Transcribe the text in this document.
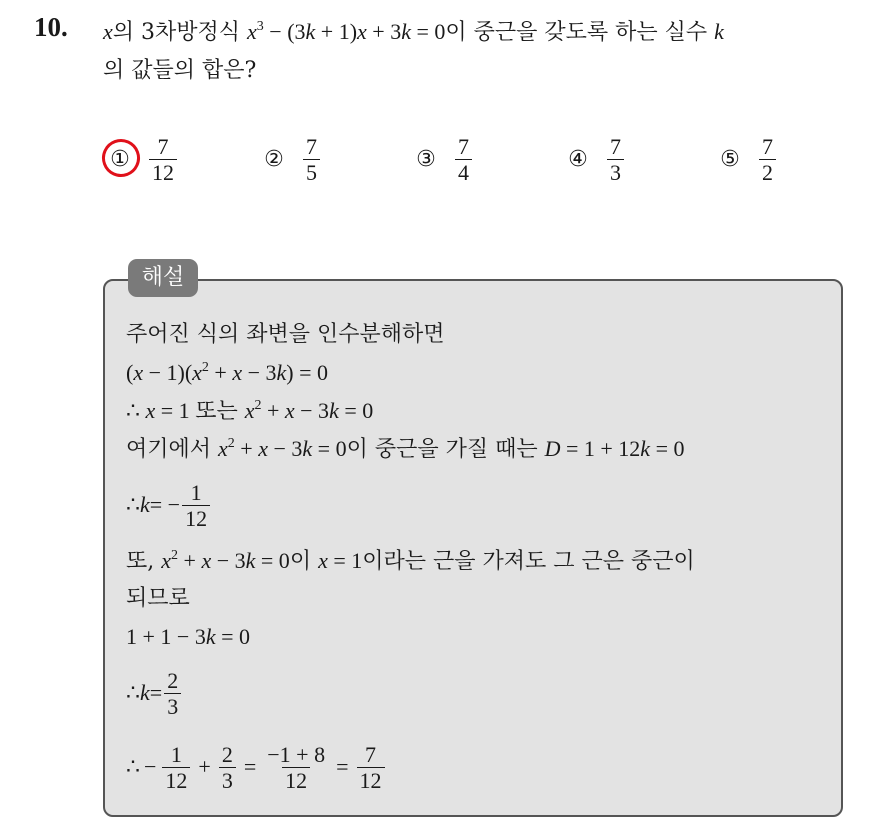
10. x의 3차방정식 $x^3 - (3k + 1)x + 3k = 0$이 중근을 갖도록 하는 실수 k
의 값들의 합은?
① $\frac{7}{12}$	② $\frac{7}{5}$	③ $\frac{7}{4}$	④ $\frac{7}{3}$	⑤ $\frac{7}{2}$
해설
주어진 식의 좌변을 인수분해하면
$(x - 1)(x^2 + x - 3k) = 0$
∴ x = 1 또는 $x^2 + x - 3k = 0$
여기에서 $x^2 + x - 3k = 0$이 중근을 가질 때는 D = 1 + 12k = 0
∴ k = − $\frac{1}{12}$
또, $x^2 + x - 3k = 0$이 x = 1이라는 근을 가져도 그 근은 중근이
되므로
1 + 1 − 3k = 0
∴ $k = \frac{2}{3}$
∴ − $\frac{1}{12} + \frac{2}{3} = \frac{-1 + 8}{12} = \frac{7}{12}$
